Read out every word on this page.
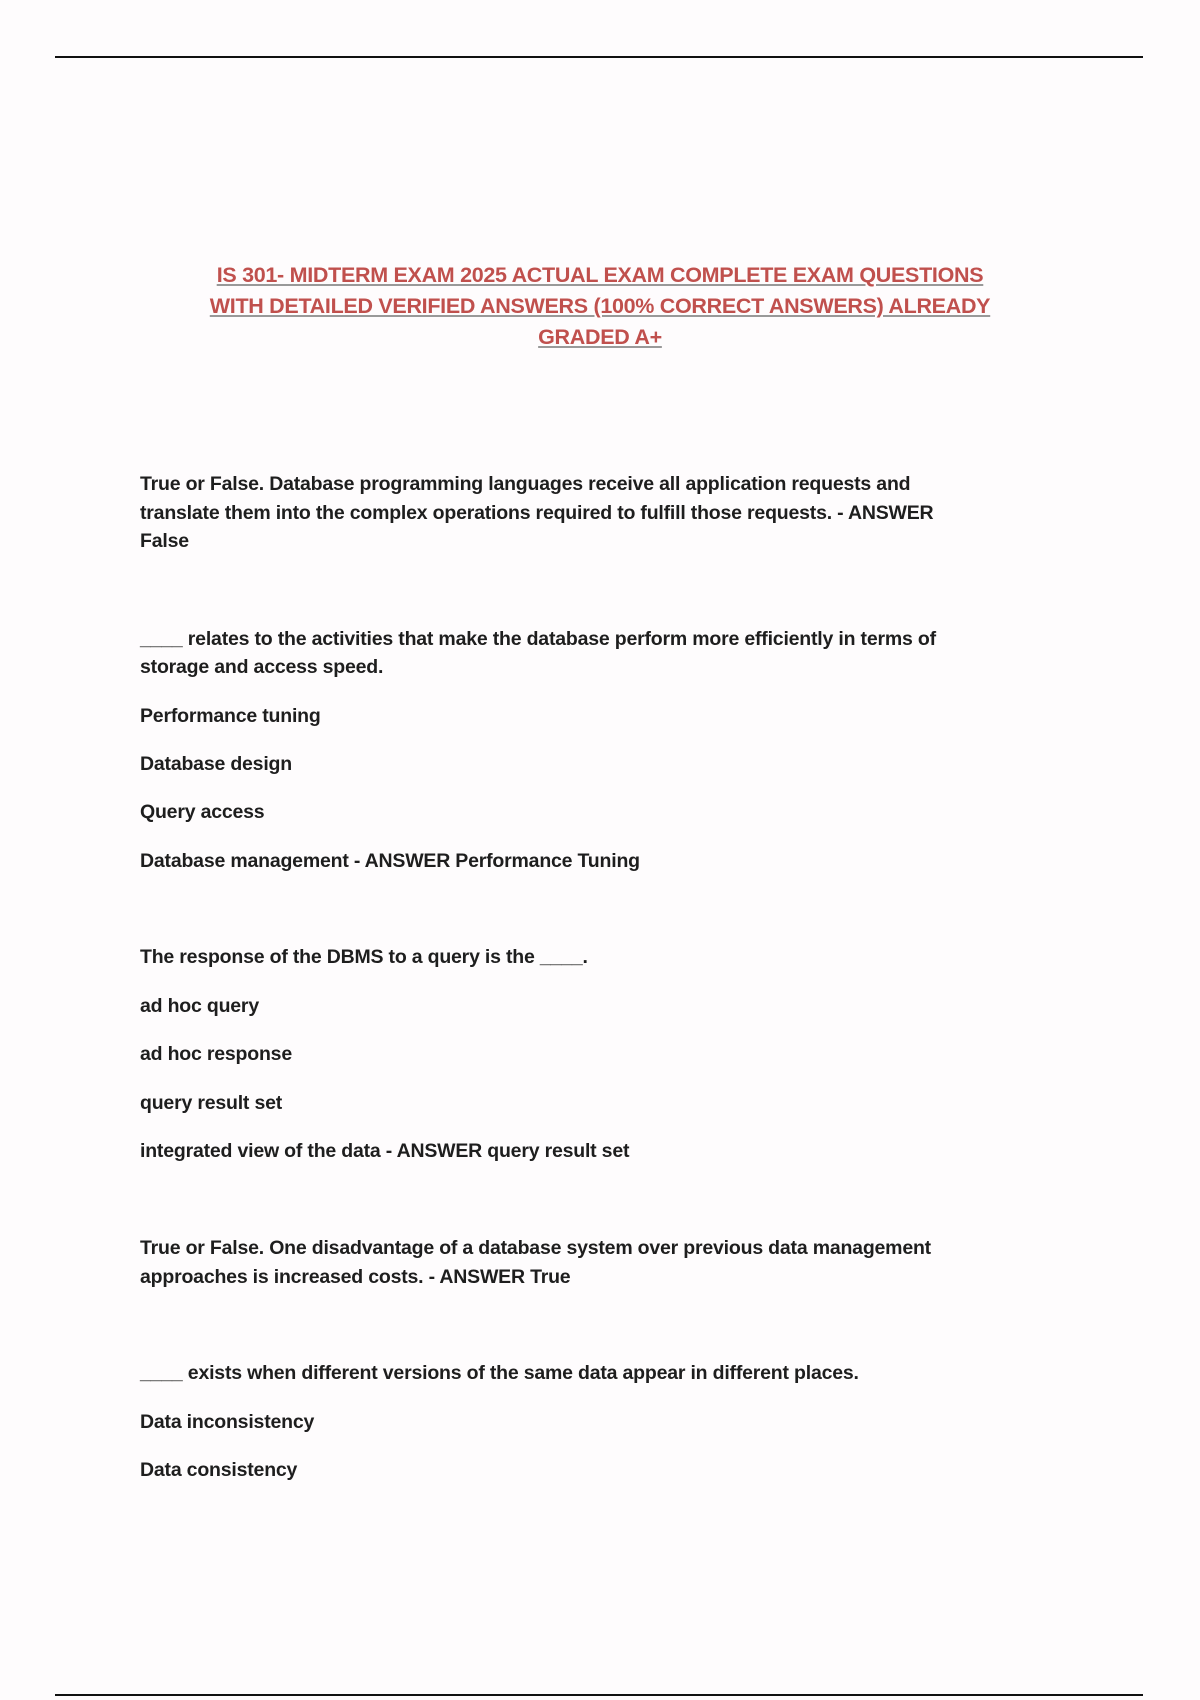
IS 301- MIDTERM EXAM 2025 ACTUAL EXAM COMPLETE EXAM QUESTIONS
WITH DETAILED VERIFIED ANSWERS (100% CORRECT ANSWERS) ALREADY
GRADED A+
True or False. Database programming languages receive all application requests and
translate them into the complex operations required to fulfill those requests. - ANSWER
False
____ relates to the activities that make the database perform more efficiently in terms of
storage and access speed.
Performance tuning
Database design
Query access
Database management - ANSWER Performance Tuning
The response of the DBMS to a query is the ____.
ad hoc query
ad hoc response
query result set
integrated view of the data - ANSWER query result set
True or False. One disadvantage of a database system over previous data management
approaches is increased costs. - ANSWER True
____ exists when different versions of the same data appear in different places.
Data inconsistency
Data consistency
